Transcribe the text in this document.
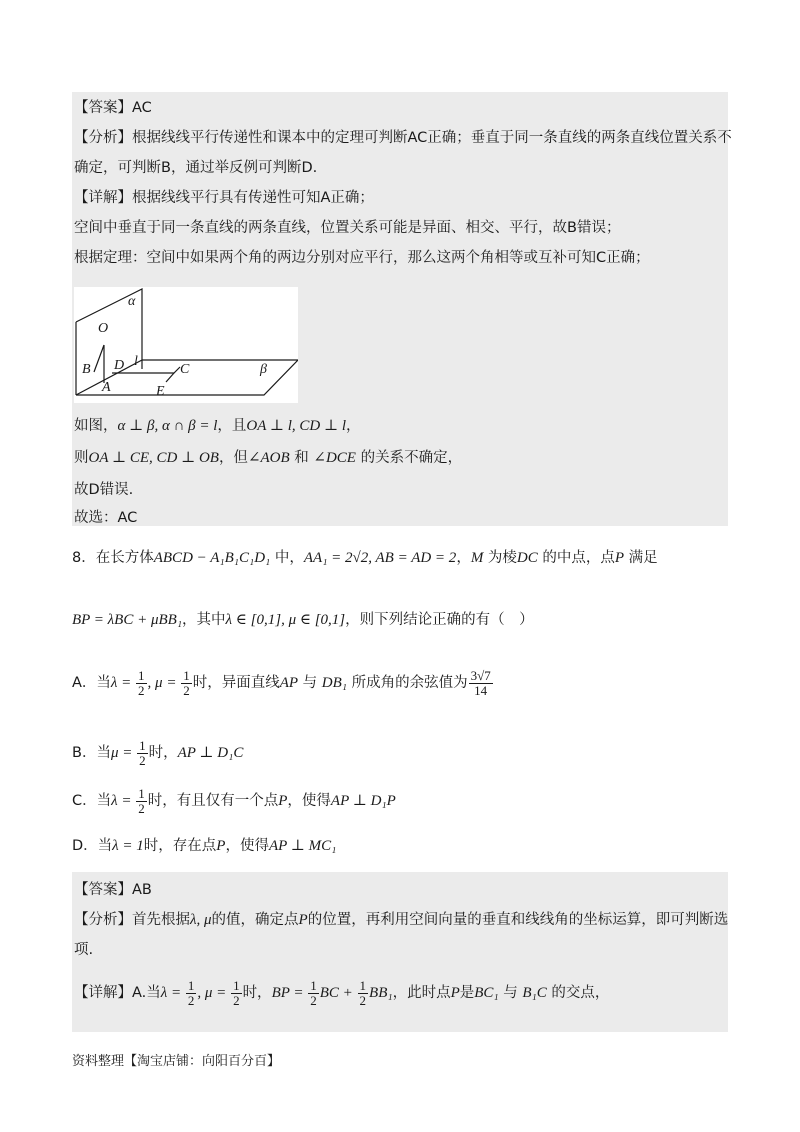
【答案】AC
【分析】根据线线平行传递性和课本中的定理可判断AC正确；垂直于同一条直线的两条直线位置关系不
确定，可判断B，通过举反例可判断D.
【详解】根据线线平行具有传递性可知A正确；
空间中垂直于同一条直线的两条直线，位置关系可能是异面、相交、平行，故B错误；
根据定理：空间中如果两个角的两边分别对应平行，那么这两个角相等或互补可知C正确；
α
β
O
B D l
A
C
E
如图，α ⊥ β, α ∩ β = l，且OA ⊥ l, CD ⊥ l，
则OA ⊥ CE, CD ⊥ OB，但∠AOB 和 ∠DCE 的关系不确定，
故D错误.
故选：AC
8．在长方体ABCD − A₁B₁C₁D₁ 中，AA₁ = 2√2, AB = AD = 2，M 为棱DC 的中点，点P 满足
BP = λBC + μBB₁，其中λ ∈ [0,1], μ ∈ [0,1]，则下列结论正确的有（　）
A．当$\lambda = \frac{1}{2}$ , $\mu = \frac{1}{2}$ 时，异面直线AP 与 DB₁ 所成角的余弦值为 $\frac{3√7}{14}$
B．当$\mu = \frac{1}{2}$ 时，AP ⊥ D₁C
C．当$\lambda = \frac{1}{2}$ 时，有且仅有一个点P，使得AP ⊥ D₁P
D．当λ = 1时，存在点P，使得AP ⊥ MC₁
【答案】AB
【分析】首先根据λ, μ的值，确定点P的位置，再利用空间向量的垂直和线线角的坐标运算，即可判断选
项.
【详解】A.当$\lambda = \frac{1}{2}$ , $\mu = \frac{1}{2}$ 时，BP = $\frac{1}{2}$ BC + $\frac{1}{2} BB_1$，此时点P是BC₁ 与 B₁C 的交点，
资料整理【淘宝店铺：向阳百分百】
